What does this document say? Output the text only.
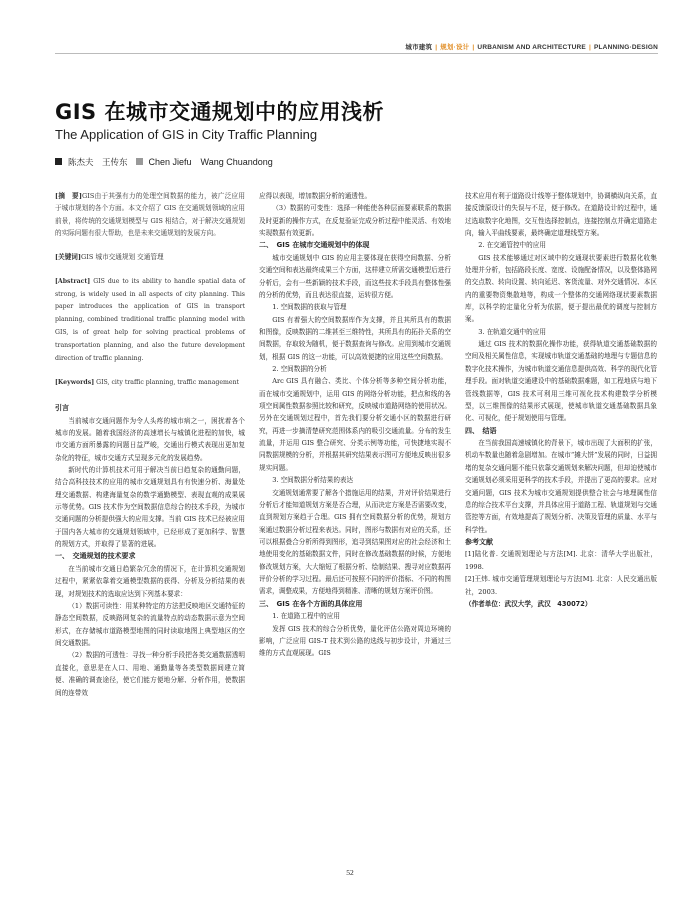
城市建筑 | 规划·设计 | URBANISM AND ARCHITECTURE | PLANNING·DESIGN
GIS 在城市交通规划中的应用浅析
The Application of GIS in City Traffic Planning
陈杰夫　王传东 Chen Jiefu　Wang Chuandong

[摘　要]GIS由于其强有力的处理空间数据的能力，被广泛应用于城市规划的各个方面。本文介绍了 GIS 在交通规划领域的应用前景，将传统的交通规划模型与 GIS 相结合，对于解决交通规划的实际问题有很大帮助，也是未来交通规划的发展方向。

[关键词]GIS 城市交通规划 交通管理

[Abstract] GIS due to its ability to handle spatial data of strong, is widely used in all aspects of city planning. This paper introduces the application of GIS in transport planning, combined traditional traffic planning model with GIS, is of great help for solving practical problems of transportation planning, and also the future development direction of traffic planning.

[Keywords] GIS, city traffic planning, traffic management

引言

当前城市交通问题作为令人头疼的城市病之一，困扰着各个城市的发展。随着我国经济的高速增长与城镇化进程的加快，城市交通方面所暴露的问题日益严峻，交通出行模式表现出更加复杂化的特征，城市交通方式呈现多元化的发展趋势。

新时代的计算机技术可用于解决当前日趋复杂的通勤问题，结合高科技技术的应用的城市交通规划具有有快速分析、海量处理交通数据、构建海量复杂的数学通勤模型、表现直观的成果展示等优势。GIS 技术作为空间数据信息综合的技术手段，为城市交通问题的分析提供强大的应用支撑。当前 GIS 技术已经被应用于国内各大城市的交通规划领域中，已经形成了更加科学、智慧的规划方式，并取得了显著的进展。

一、　交通规划的技术要求

在当前城市交通日趋繁杂冗余的情况下，在计算机交通规划过程中，紧紧依靠着交通模型数据的获得、分析及分析结果的表现，对规划技术的选取应达到下列基本要求：

（1）数据可读性：用某种特定的方法把反映地区交通特征的静态空间数据，反映路网复杂的流量特点的动态数据示意为空间形式，在存储城市道路模型地图的同时读取地图上典型地区的空间交通数据。

（2）数据的可透性：寻找一种分析手段把各类交通数据透明直接化，意思是在人口、用地、通勤量等各类型数据间建立简便、准确的调查途径，使它们能方便地分解、分析作用，使数据间的连带效

应得以表现，增加数据分析的通透性。

（3）数据的可变性：选择一种能使各种层面要素联系的数据及时更新的操作方式，在反复验证完成分析过程中能灵活、有效地实现数据有效更新。

二、　GIS 在城市交通规划中的体现

城市交通规划中 GIS 的应用主要体现在获得空间数据、分析交通空间和表达最终成果三个方面，这样建立所需交通模型后进行分析后，会有一些新颖的技术手段，而这些技术手段具有整体性强的分析的优势，而且表达很直接，运转很方便。

1. 空间数据的获取与管理

GIS 有着强大的空间数据库作为支撑，并且其所具有的数据和图像，反映数据的二维甚至三维特性，其所具有的拓扑关系的空间数据，存取较为随机，便于数据查询与修改。应用到城市交通规划，根据 GIS 的这一功能，可以高效便捷的应用这些空间数据。

2. 空间数据的分析

Arc GIS 具有融合、类比、个体分析等多种空间分析功能，而在城市交通规划中，运用 GIS 的网络分析功能，把点和线的各项空间属性数据参照比较和研究，反映城市道路网络的使用状况。另外在交通规划过程中，首先我们要分析交通小区的数据进行研究，再进一步摘清楚研究范围体系内的吸引交通流量。分布的发生流量，并运用 GIS 整合研究、分类示例等功能，可快捷地实现不同数据规模的分析，并根据其研究结果表示图可方便地反映出很多规实问题。

3. 空间数据分析结果的表达

交通规划通常要了解各个措施运用的结果，并对评价结果进行分析后才能知道规划方案是否合理，从而决定方案是否需要改变，直到规划方案趋于合理。GIS 拥有空间数据分析的优势，规划方案通过数据分析过程来表达。同时，图形与数据有对应的关系，还可以根据叠合分析所得到图形，追寻到结果图对应的社会经济和土地使用变化的基础数据文件，同时在修改基础数据的时候，方便地修改规划方案，大大缩短了根据分析、绘制结果、搜寻对应数据再评价分析的学习过程。最后还可按照不同的评价指标、不同的构图需求，调整成果，方便地得到精准、清晰的规划方案评价图。

三、　GIS 在各个方面的具体应用

1. 在道路工程中的应用

发挥 GIS 技术的综合分析优势，量化评估公路对周边环境的影响，广泛应用 GIS-T 技术到公路的选线与初步设计，并通过三维的方式直观展现。GIS

技术应用有利于道路设计线等于整体规划中，协调横纵向关系，直接反馈原设计的失误与不足，便于修改。在道路设计的过程中，通过选取数字化地图，交互性选择控制点，连接控制点并确定道路走向，输入平曲线要素，最终确定道理线型方案。

2. 在交通管控中的应用

GIS 技术能够通过对区域中的交通现状要素进行数据化收集处理并分析，包括路段长度、宽度、设施配备情况，以及整体路网的交点数、转向设置、转向延迟、客货流量、对外交通情况、本区内的重要物资集散地等，构成一个整体的交通网络现状要素数据库，以科学的定量化分析为依据，便于提出最优的调度与控制方案。

3. 在轨道交通中的应用

通过 GIS 技术的数据化操作功能，获得轨道交通基础数据的空间及相关属性信息，实现城市轨道交通基础的地理与专题信息的数字化技术操作，为城市轨道交通信息提供高效、科学的现代化管理手段。面对轨道交通建设中的基础数据难题，如工程地质与地下管线数据等，GIS 技术可利用三维可视化技术构建数学分析模型，以三维图像的结果形式展现，使城市轨道交通基础数据具象化、可视化，便于规划使用与管理。

四、　结语

在当前我国高速城镇化的背景下，城市出现了大面积的扩张，机动车数量也随着急剧增加。在城市“摊大饼”发展的同时，日益拥堵的复杂交通问题不能只依靠交通规划来解决问题，但却迫使城市交通规划必须采用更科学的技术手段，并提出了更高的要求。应对交通问题，GIS 技术为城市交通规划提供整合社会与地理属性信息的综合技术平台支撑，并具体应用于道路工程、轨道规划与交通管控等方面，有效地提高了规划分析、决策及管理的质量、水平与科学性。

参考文献

[1]陆化普. 交通规划理论与方法[M]. 北京：清华大学出版社，1998.

[2]王炜. 城市交通管理规划理论与方法[M]. 北京：人民交通出版社，2003.

（作者单位：武汉大学，武汉　430072）

52
